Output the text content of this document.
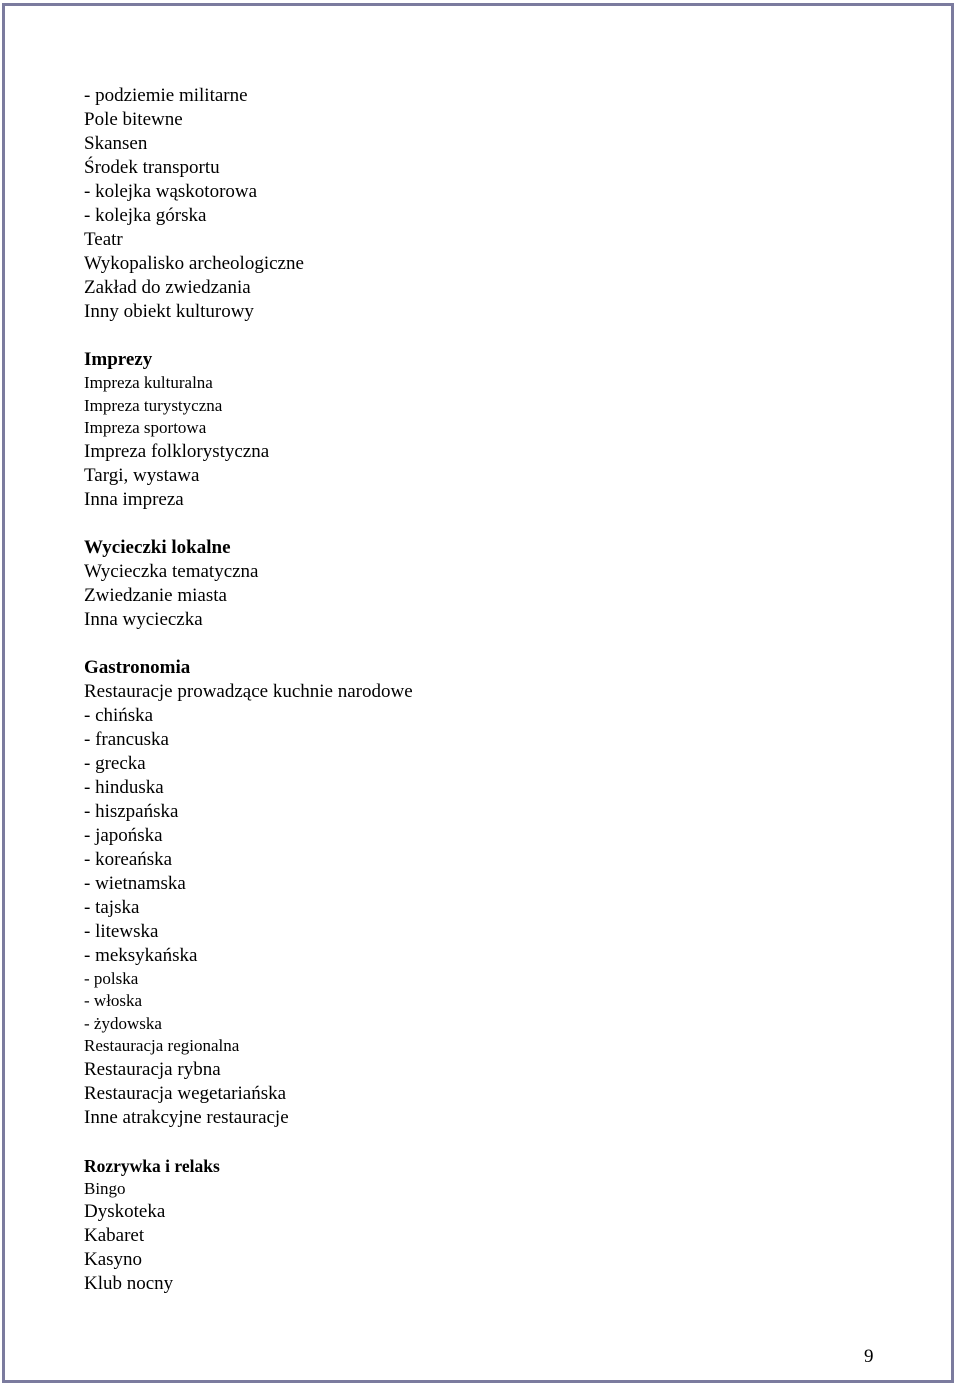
- podziemie militarne
Pole bitewne
Skansen
Środek transportu
- kolejka wąskotorowa
- kolejka górska
Teatr
Wykopalisko archeologiczne
Zakład do zwiedzania
Inny obiekt kulturowy
Imprezy
Impreza kulturalna
Impreza turystyczna
Impreza sportowa
Impreza folklorystyczna
Targi, wystawa
Inna impreza
Wycieczki lokalne
Wycieczka tematyczna
Zwiedzanie miasta
Inna wycieczka
Gastronomia
Restauracje prowadzące kuchnie narodowe
- chińska
- francuska
- grecka
- hinduska
- hiszpańska
- japońska
- koreańska
- wietnamska
- tajska
- litewska
- meksykańska
- polska
- włoska
- żydowska
Restauracja regionalna
Restauracja rybna
Restauracja wegetariańska
Inne atrakcyjne restauracje
Rozrywka i relaks
Bingo
Dyskoteka
Kabaret
Kasyno
Klub nocny
9
